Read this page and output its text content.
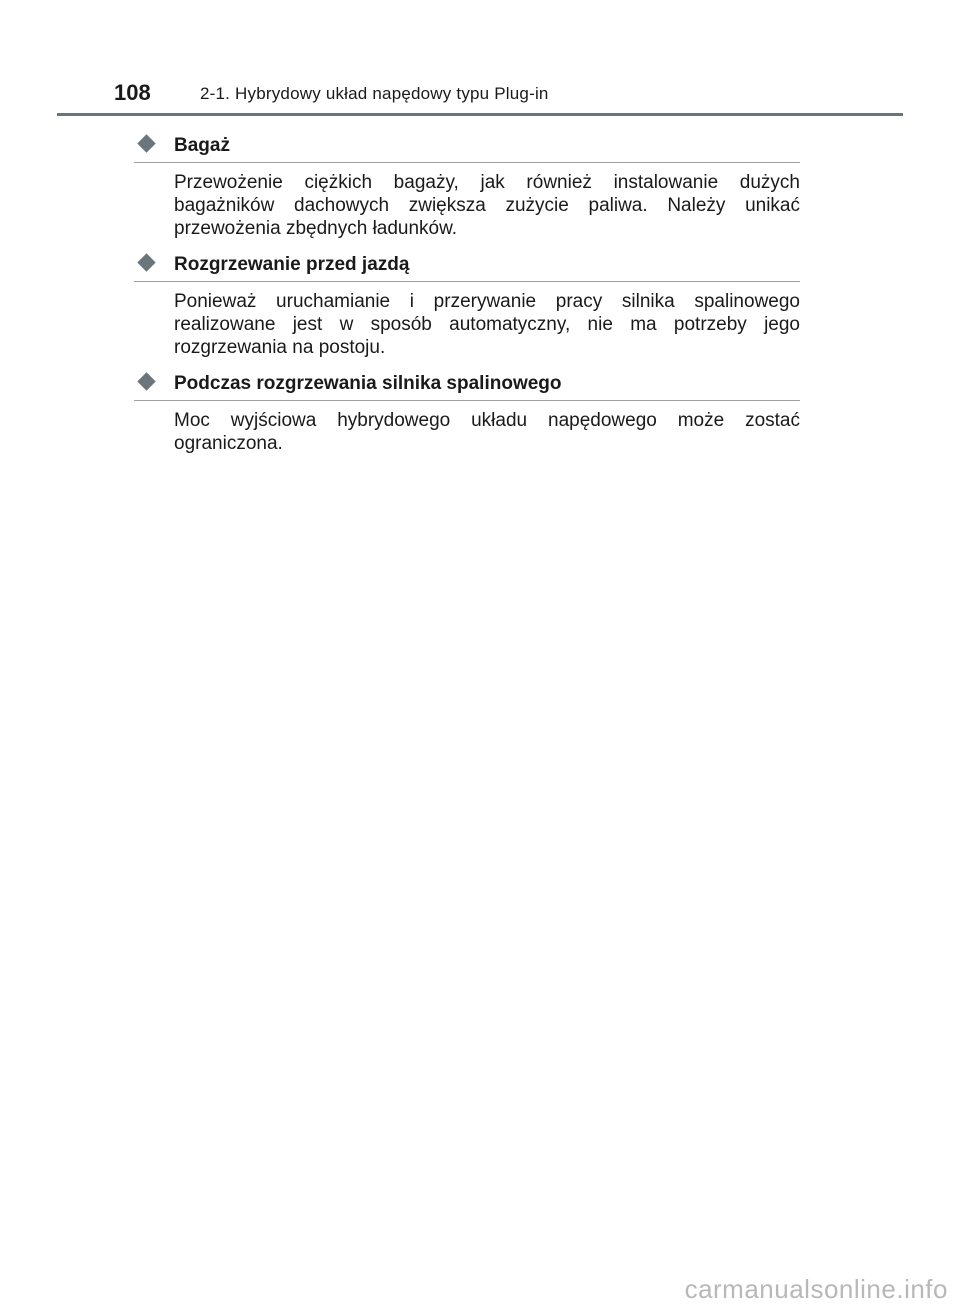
108	2-1. Hybrydowy układ napędowy typu Plug-in
Bagaż
Przewożenie ciężkich bagaży, jak również instalowanie dużych bagażników dachowych zwiększa zużycie paliwa. Należy unikać przewożenia zbędnych ładunków.
Rozgrzewanie przed jazdą
Ponieważ uruchamianie i przerywanie pracy silnika spalinowego realizowane jest w sposób automatyczny, nie ma potrzeby jego rozgrzewania na postoju.
Podczas rozgrzewania silnika spalinowego
Moc wyjściowa hybrydowego układu napędowego może zostać ograniczona.
carmanualsonline.info
